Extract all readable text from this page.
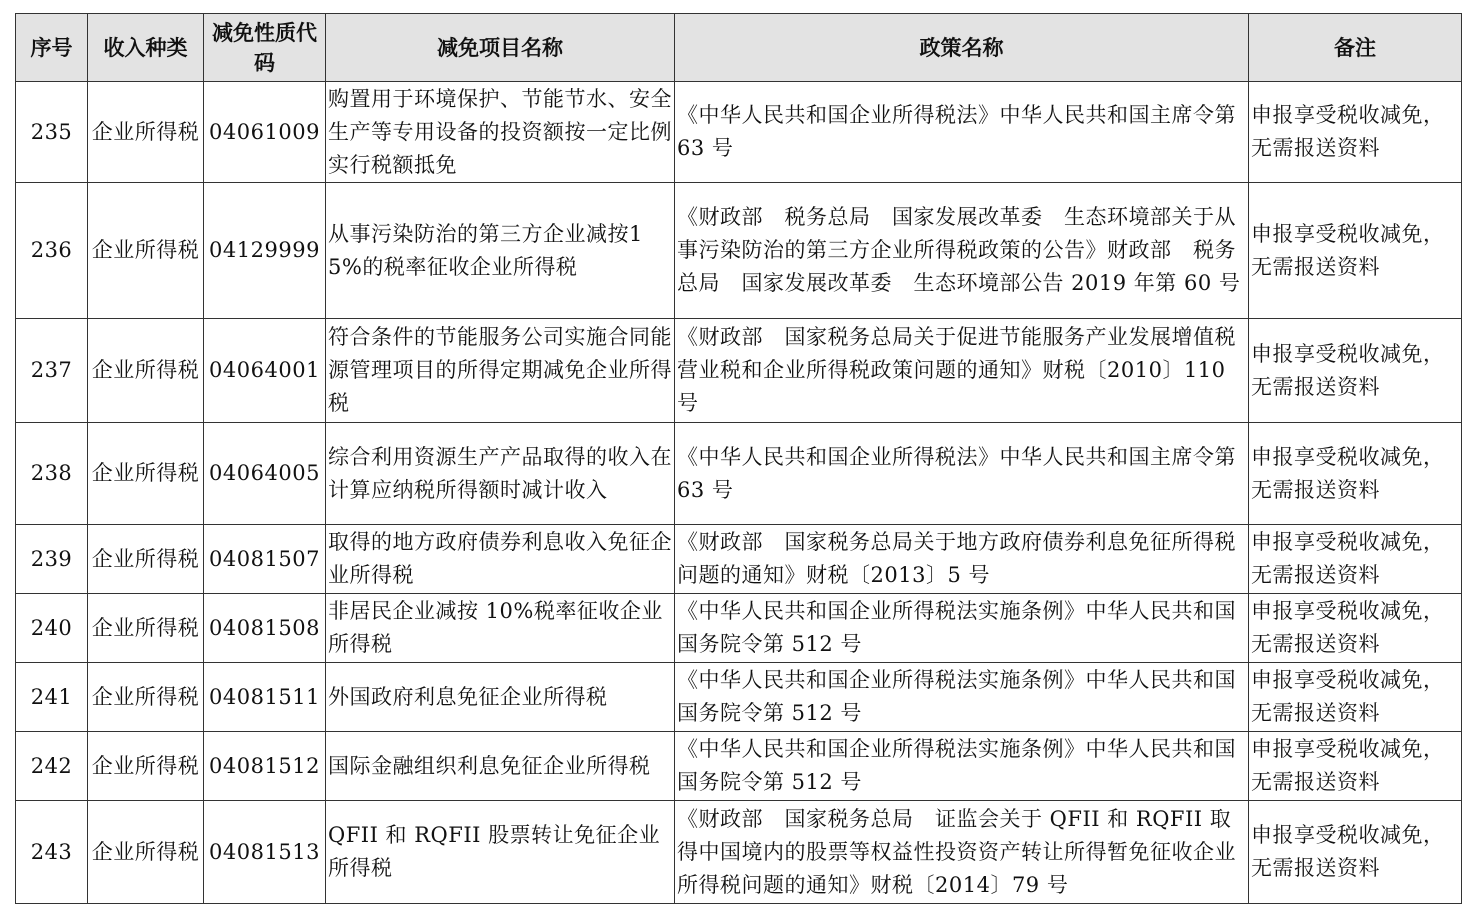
序号	收入种类	减免性质代码	减免项目名称	政策名称	备注
235	企业所得税	04061009	购置用于环境保护、节能节水、安全生产等专用设备的投资额按一定比例实行税额抵免	《中华人民共和国企业所得税法》中华人民共和国主席令第 63 号	申报享受税收减免，无需报送资料
236	企业所得税	04129999	从事污染防治的第三方企业减按15%的税率征收企业所得税	《财政部　税务总局　国家发展改革委　生态环境部关于从事污染防治的第三方企业所得税政策的公告》财政部　税务总局　国家发展改革委　生态环境部公告 2019 年第 60 号	申报享受税收减免，无需报送资料
237	企业所得税	04064001	符合条件的节能服务公司实施合同能源管理项目的所得定期减免企业所得税	《财政部　国家税务总局关于促进节能服务产业发展增值税营业税和企业所得税政策问题的通知》财税〔2010〕110 号	申报享受税收减免，无需报送资料
238	企业所得税	04064005	综合利用资源生产产品取得的收入在计算应纳税所得额时减计收入	《中华人民共和国企业所得税法》中华人民共和国主席令第 63 号	申报享受税收减免，无需报送资料
239	企业所得税	04081507	取得的地方政府债券利息收入免征企业所得税	《财政部　国家税务总局关于地方政府债券利息免征所得税问题的通知》财税〔2013〕5 号	申报享受税收减免，无需报送资料
240	企业所得税	04081508	非居民企业减按 10%税率征收企业所得税	《中华人民共和国企业所得税法实施条例》中华人民共和国国务院令第 512 号	申报享受税收减免，无需报送资料
241	企业所得税	04081511	外国政府利息免征企业所得税	《中华人民共和国企业所得税法实施条例》中华人民共和国国务院令第 512 号	申报享受税收减免，无需报送资料
242	企业所得税	04081512	国际金融组织利息免征企业所得税	《中华人民共和国企业所得税法实施条例》中华人民共和国国务院令第 512 号	申报享受税收减免，无需报送资料
243	企业所得税	04081513	QFII 和 RQFII 股票转让免征企业所得税	《财政部　国家税务总局　证监会关于 QFII 和 RQFII 取得中国境内的股票等权益性投资资产转让所得暂免征收企业所得税问题的通知》财税〔2014〕79 号	申报享受税收减免，无需报送资料
